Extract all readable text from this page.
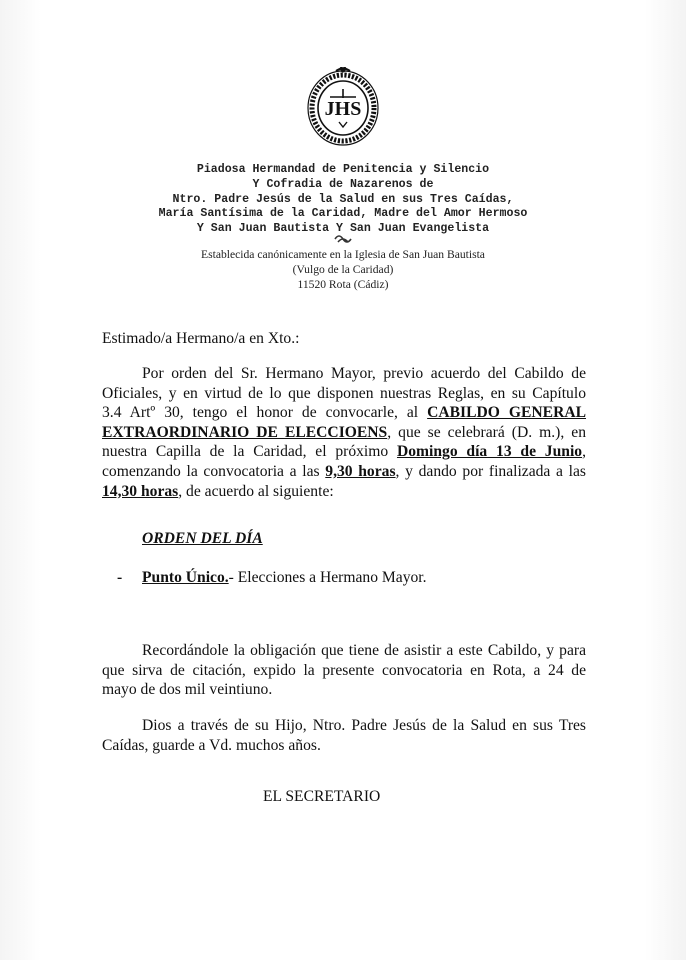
JHS
Piadosa Hermandad de Penitencia y Silencio
Y Cofradia de Nazarenos de
Ntro. Padre Jesús de la Salud en sus Tres Caídas,
María Santísima de la Caridad, Madre del Amor Hermoso
Y San Juan Bautista Y San Juan Evangelista
Establecida canónicamente en la Iglesia de San Juan Bautista
(Vulgo de la Caridad)
11520 Rota (Cádiz)
Estimado/a Hermano/a en Xto.:
Por orden del Sr. Hermano Mayor, previo acuerdo del Cabildo de
Oficiales, y en virtud de lo que disponen nuestras Reglas, en su Capítulo
3.4 Artº 30, tengo el honor de convocarle, al CABILDO GENERAL
EXTRAORDINARIO DE ELECCIOENS, que se celebrará (D. m.), en
nuestra Capilla de la Caridad, el próximo Domingo día 13 de Junio,
comenzando la convocatoria a las 9,30 horas, y dando por finalizada a las
14,30 horas, de acuerdo al siguiente:
ORDEN DEL DÍA
- Punto Único.- Elecciones a Hermano Mayor.
Recordándole la obligación que tiene de asistir a este Cabildo, y para
que sirva de citación, expido la presente convocatoria en Rota, a 24 de
mayo de dos mil veintiuno.
Dios a través de su Hijo, Ntro. Padre Jesús de la Salud en sus Tres
Caídas, guarde a Vd. muchos años.
EL SECRETARIO
